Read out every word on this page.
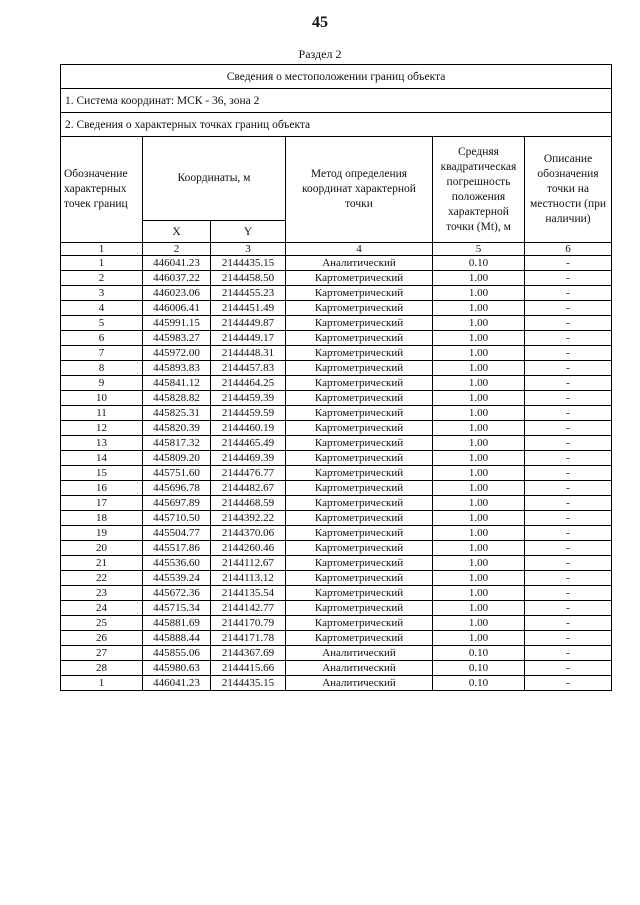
45
Раздел 2
Сведения о местоположении границ объекта					
1. Система координат: МСК - 36, зона 2					
2. Сведения о характерных точках границ объекта					
Обозначение характерных точек границ	Координаты, м		Метод определения координат характерной точки	Средняя квадратическая погрешность положения характерной точки (Mt), м	Описание обозначения точки на местности (при наличии)
	X	Y			
1	2	3	4	5	6
1	446041.23	2144435.15	Аналитический	0.10	-
2	446037.22	2144458.50	Картометрический	1.00	-
3	446023.06	2144455.23	Картометрический	1.00	-
4	446006.41	2144451.49	Картометрический	1.00	-
5	445991.15	2144449.87	Картометрический	1.00	-
6	445983.27	2144449.17	Картометрический	1.00	-
7	445972.00	2144448.31	Картометрический	1.00	-
8	445893.83	2144457.83	Картометрический	1.00	-
9	445841.12	2144464.25	Картометрический	1.00	-
10	445828.82	2144459.39	Картометрический	1.00	-
11	445825.31	2144459.59	Картометрический	1.00	-
12	445820.39	2144460.19	Картометрический	1.00	-
13	445817.32	2144465.49	Картометрический	1.00	-
14	445809.20	2144469.39	Картометрический	1.00	-
15	445751.60	2144476.77	Картометрический	1.00	-
16	445696.78	2144482.67	Картометрический	1.00	-
17	445697.89	2144468.59	Картометрический	1.00	-
18	445710.50	2144392.22	Картометрический	1.00	-
19	445504.77	2144370.06	Картометрический	1.00	-
20	445517.86	2144260.46	Картометрический	1.00	-
21	445536.60	2144112.67	Картометрический	1.00	-
22	445539.24	2144113.12	Картометрический	1.00	-
23	445672.36	2144135.54	Картометрический	1.00	-
24	445715.34	2144142.77	Картометрический	1.00	-
25	445881.69	2144170.79	Картометрический	1.00	-
26	445888.44	2144171.78	Картометрический	1.00	-
27	445855.06	2144367.69	Аналитический	0.10	-
28	445980.63	2144415.66	Аналитический	0.10	-
1	446041.23	2144435.15	Аналитический	0.10	-
